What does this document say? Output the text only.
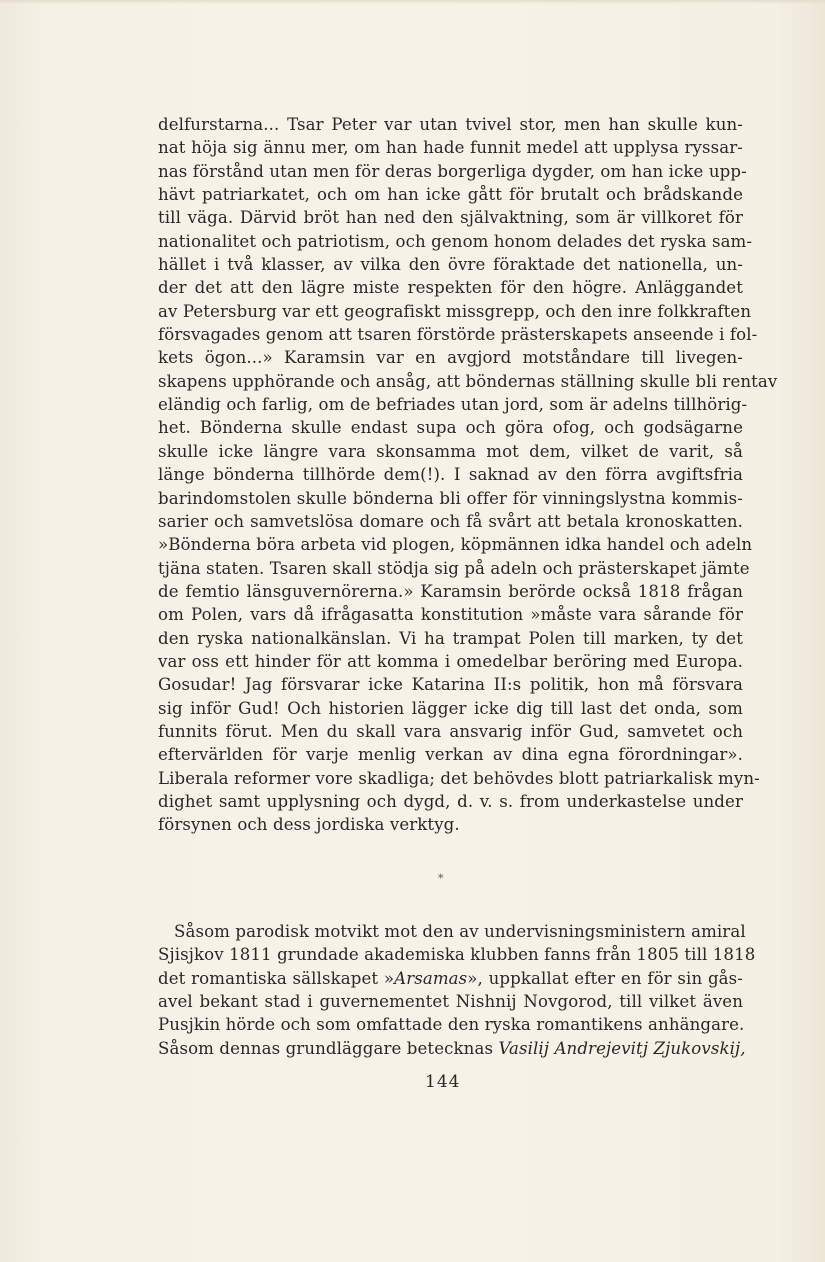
delfurstarna... Tsar Peter var utan tvivel stor, men han skulle kun-
nat höja sig ännu mer, om han hade funnit medel att upplysa ryssar-
nas förstånd utan men för deras borgerliga dygder, om han icke upp-
hävt patriarkatet, och om han icke gått för brutalt och brådskande
till väga. Därvid bröt han ned den självaktning, som är villkoret för
nationalitet och patriotism, och genom honom delades det ryska sam-
hället i två klasser, av vilka den övre föraktade det nationella, un-
der det att den lägre miste respekten för den högre. Anläggandet
av Petersburg var ett geografiskt missgrepp, och den inre folkkraften
försvagades genom att tsaren förstörde prästerskapets anseende i fol-
kets ögon...» Karamsin var en avgjord motståndare till livegen-
skapens upphörande och ansåg, att böndernas ställning skulle bli rentav
eländig och farlig, om de befriades utan jord, som är adelns tillhörig-
het. Bönderna skulle endast supa och göra ofog, och godsägarne
skulle icke längre vara skonsamma mot dem, vilket de varit, så
länge bönderna tillhörde dem(!). I saknad av den förra avgiftsfria
barindomstolen skulle bönderna bli offer för vinningslystna kommis-
sarier och samvetslösa domare och få svårt att betala kronoskatten.
»Bönderna böra arbeta vid plogen, köpmännen idka handel och adeln
tjäna staten. Tsaren skall stödja sig på adeln och prästerskapet jämte
de femtio länsguvernörerna.» Karamsin berörde också 1818 frågan
om Polen, vars då ifrågasatta konstitution »måste vara sårande för
den ryska nationalkänslan. Vi ha trampat Polen till marken, ty det
var oss ett hinder för att komma i omedelbar beröring med Europa.
Gosudar! Jag försvarar icke Katarina II:s politik, hon må försvara
sig inför Gud! Och historien lägger icke dig till last det onda, som
funnits förut. Men du skall vara ansvarig inför Gud, samvetet och
eftervärlden för varje menlig verkan av dina egna förordningar».
Liberala reformer vore skadliga; det behövdes blott patriarkalisk myn-
dighet samt upplysning och dygd, d. v. s. from underkastelse under
försynen och dess jordiska verktyg.
*
Såsom parodisk motvikt mot den av undervisningsministern amiral
Sjisjkov 1811 grundade akademiska klubben fanns från 1805 till 1818
det romantiska sällskapet »Arsamas», uppkallat efter en för sin gås-
avel bekant stad i guvernementet Nishnij Novgorod, till vilket även
Pusjkin hörde och som omfattade den ryska romantikens anhängare.
Såsom dennas grundläggare betecknas Vasilij Andrejevitj Zjukovskij,
144
